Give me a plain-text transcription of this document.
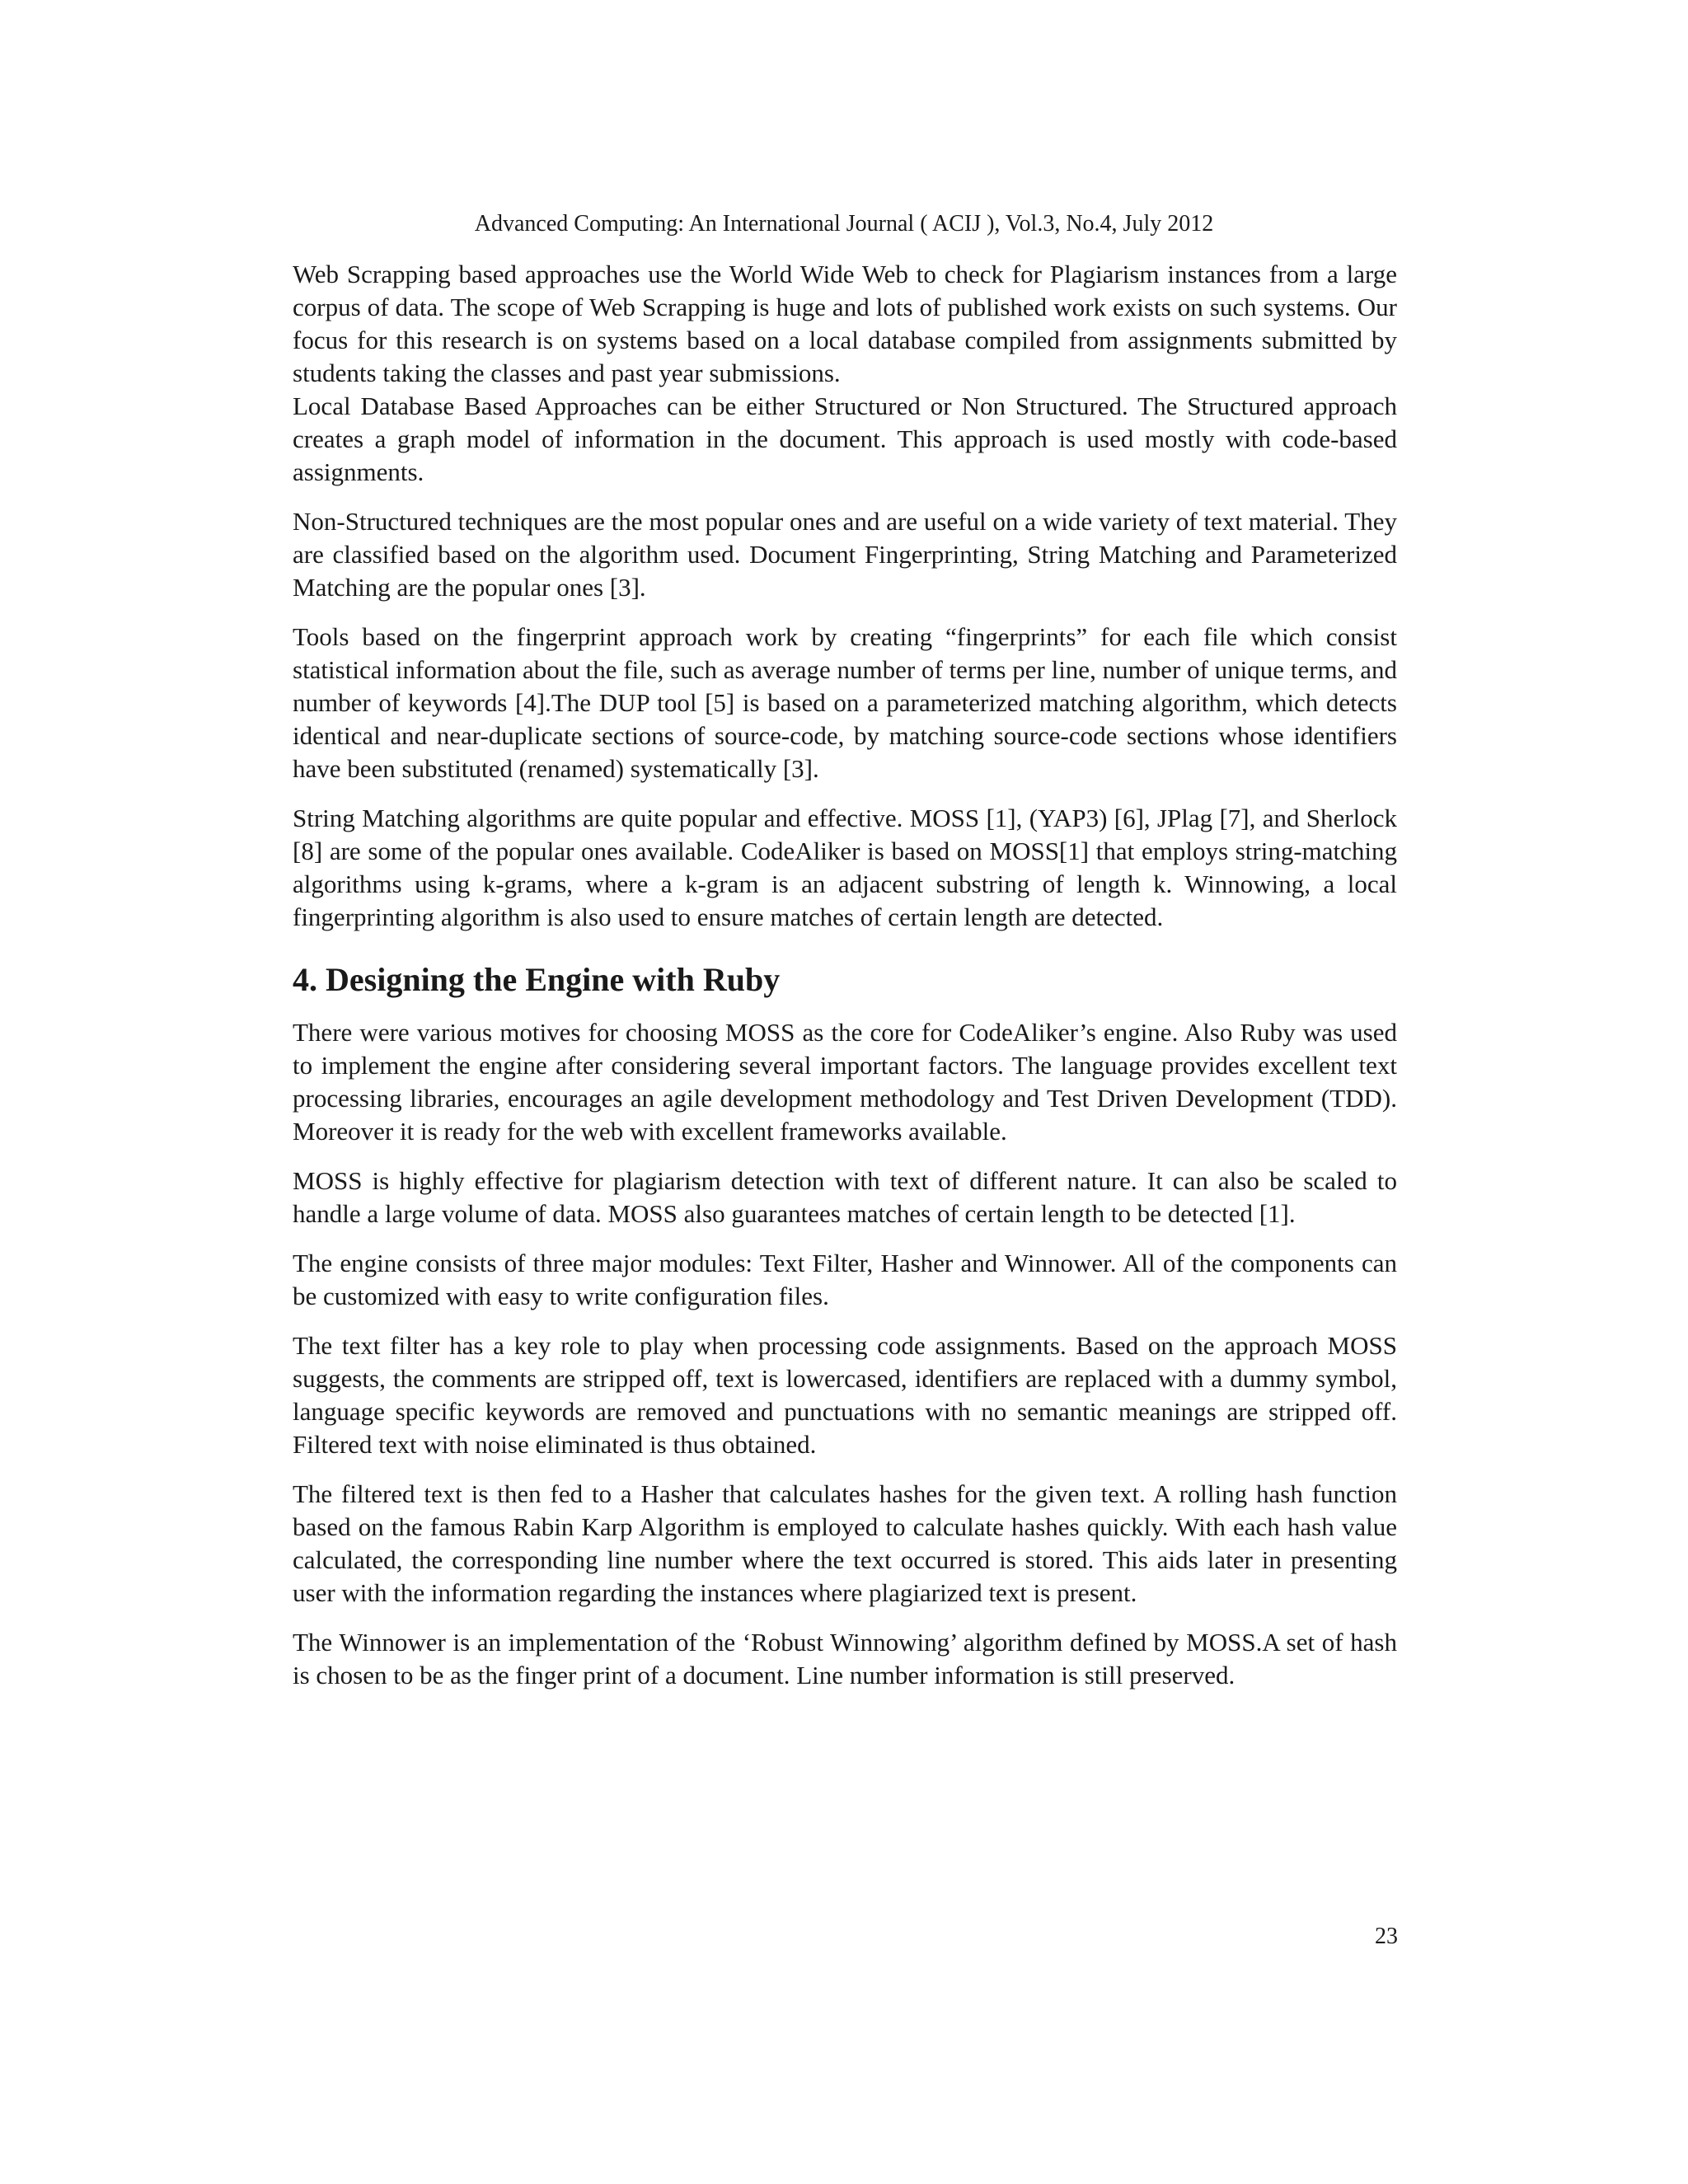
Advanced Computing: An International Journal ( ACIJ ), Vol.3, No.4, July 2012

Web Scrapping based approaches use the World Wide Web to check for Plagiarism instances from a large corpus of data. The scope of Web Scrapping is huge and lots of published work exists on such systems. Our focus for this research is on systems based on a local database compiled from assignments submitted by students taking the classes and past year submissions.

Local Database Based Approaches can be either Structured or Non Structured. The Structured approach creates a graph model of information in the document. This approach is used mostly with code-based assignments.

Non-Structured techniques are the most popular ones and are useful on a wide variety of text material. They are classified based on the algorithm used. Document Fingerprinting, String Matching and Parameterized Matching are the popular ones [3].

Tools based on the fingerprint approach work by creating “fingerprints” for each file which consist statistical information about the file, such as average number of terms per line, number of unique terms, and number of keywords [4].The DUP tool [5] is based on a parameterized matching algorithm, which detects identical and near-duplicate sections of source-code, by matching source-code sections whose identifiers have been substituted (renamed) systematically [3].

String Matching algorithms are quite popular and effective. MOSS [1], (YAP3) [6], JPlag [7], and Sherlock [8] are some of the popular ones available. CodeAliker is based on MOSS[1] that employs string-matching algorithms using k-grams, where a k-gram is an adjacent substring of length k. Winnowing, a local fingerprinting algorithm is also used to ensure matches of certain length are detected.

4. Designing the Engine with Ruby

There were various motives for choosing MOSS as the core for CodeAliker’s engine. Also Ruby was used to implement the engine after considering several important factors. The language provides excellent text processing libraries, encourages an agile development methodology and Test Driven Development (TDD). Moreover it is ready for the web with excellent frameworks available.

MOSS is highly effective for plagiarism detection with text of different nature. It can also be scaled to handle a large volume of data. MOSS also guarantees matches of certain length to be detected [1].

The engine consists of three major modules: Text Filter, Hasher and Winnower. All of the components can be customized with easy to write configuration files.

The text filter has a key role to play when processing code assignments. Based on the approach MOSS suggests, the comments are stripped off, text is lowercased, identifiers are replaced with a dummy symbol, language specific keywords are removed and punctuations with no semantic meanings are stripped off. Filtered text with noise eliminated is thus obtained.

The filtered text is then fed to a Hasher that calculates hashes for the given text. A rolling hash function based on the famous Rabin Karp Algorithm is employed to calculate hashes quickly. With each hash value calculated, the corresponding line number where the text occurred is stored. This aids later in presenting user with the information regarding the instances where plagiarized text is present.

The Winnower is an implementation of the ‘Robust Winnowing’ algorithm defined by MOSS.A set of hash is chosen to be as the finger print of a document. Line number information is still preserved.

23
